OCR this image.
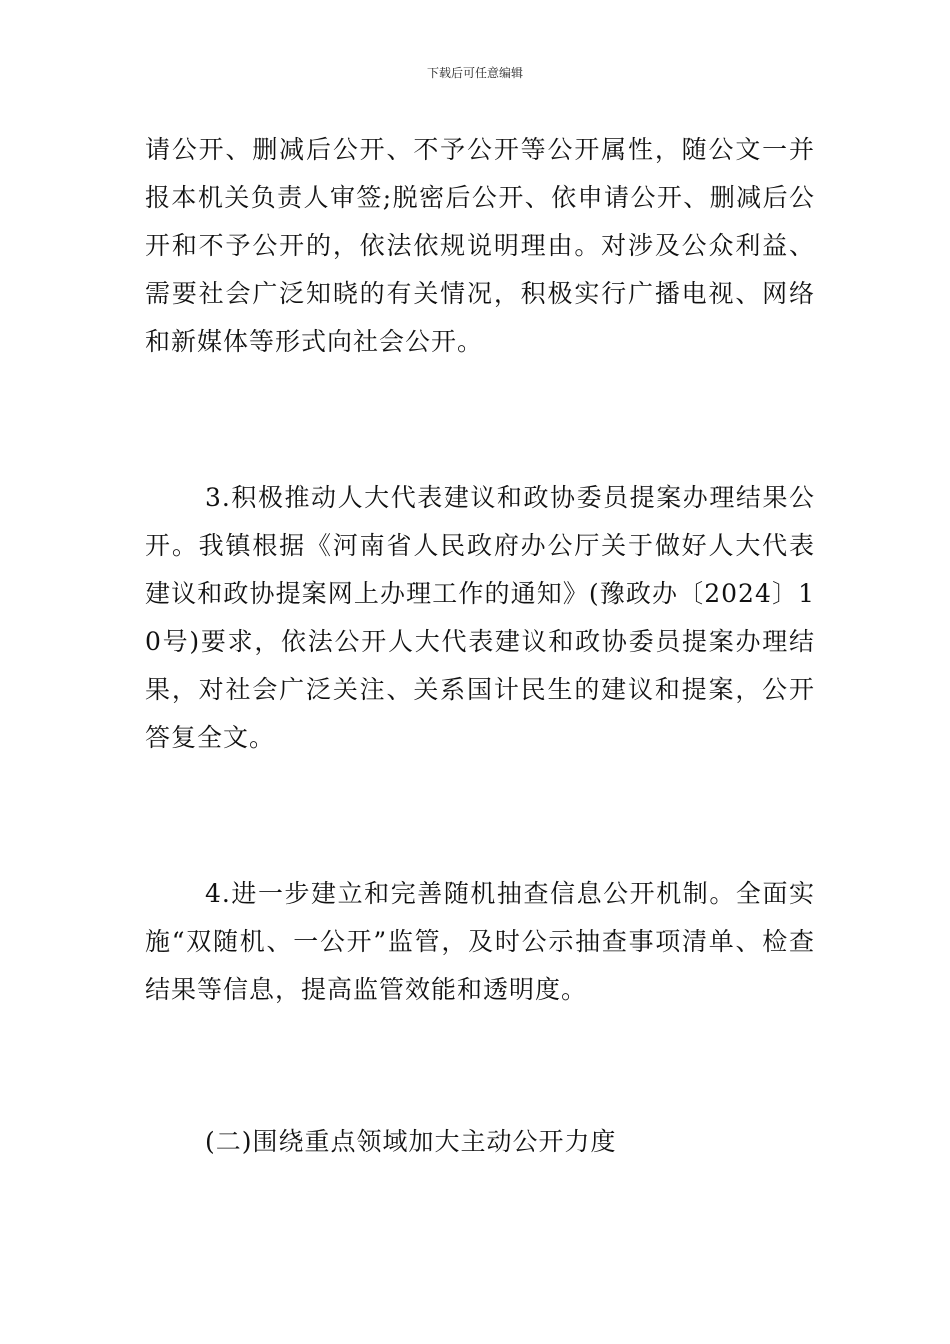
下载后可任意编辑

请公开、删减后公开、不予公开等公开属性，随公文一并报本机关负责人审签;脱密后公开、依申请公开、删减后公开和不予公开的，依法依规说明理由。对涉及公众利益、需要社会广泛知晓的有关情况，积极实行广播电视、网络和新媒体等形式向社会公开。

3.积极推动人大代表建议和政协委员提案办理结果公开。我镇根据《河南省人民政府办公厅关于做好人大代表建议和政协提案网上办理工作的通知》(豫政办〔2024〕10号)要求，依法公开人大代表建议和政协委员提案办理结果，对社会广泛关注、关系国计民生的建议和提案，公开答复全文。

4.进一步建立和完善随机抽查信息公开机制。全面实施“双随机、一公开”监管，及时公示抽查事项清单、检查结果等信息，提高监管效能和透明度。

(二)围绕重点领域加大主动公开力度
